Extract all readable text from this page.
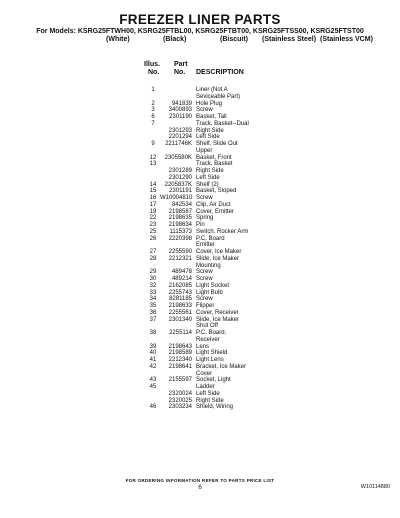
FREEZER LINER PARTS
For Models: KSRG25FTWH00, KSRG25FTBL00, KSRG25FTBT00, KSRG25FTSS00, KSRG25FTST00
(White)	(Black)	(Biscuit) (Stainless Steel) (Stainless VCM)
Illus.
No.
Part
No. DESCRIPTION
1	Liner (Not A
Seviceable Part)
2	941839 Hole Plug
3	3400893 Screw
6	2301190 Basket, Tall
7	Track, Basket--Dual
2301293 Right Side
2201294 Left Side
9	2211746K Shelf, Slide Out
Upper
12	2305580K Basket, Front
13	Track, Basket
2301289 Right Side
2301290 Left Side
14	2205837K Shelf (2)
15	2301191 Basket, Sloped
16 W10004810 Screw
17	842534 Clip, Air Duct
19	2198587 Cover, Emitter
22	2198635 Spring
23	2198634 Pin
25	1115373 Switch, Rocker Arm
26	2220398 P.C. Board
Emitter
27	2255590 Cover, Ice Maker
28	2212321 Slide, Ice Maker
Mounting
29	489478 Screw
30	489214 Screw
32	2162085 Light Socket
33	2255743 Light Bulb
34	8281185 Screw
35	2198633 Flipper
36	2255561 Cover, Receiver
37	2301340 Slide, Ice Maker
Shut Off
38	2255114 P.C. Board,
Receiver
39	2198643 Lens
40	2198589 Light Shield
41	2212340 Light Lens
42	2198641 Bracket, Ice Maker
Cover
43	2155597 Socket, Light
45	Ladder
2320024 Left Side
2320025 Right Side
46	2303234 Shield, Wiring
FOR ORDERING INFORMATION REFER TO PARTS PRICE LIST
6	W10114880
